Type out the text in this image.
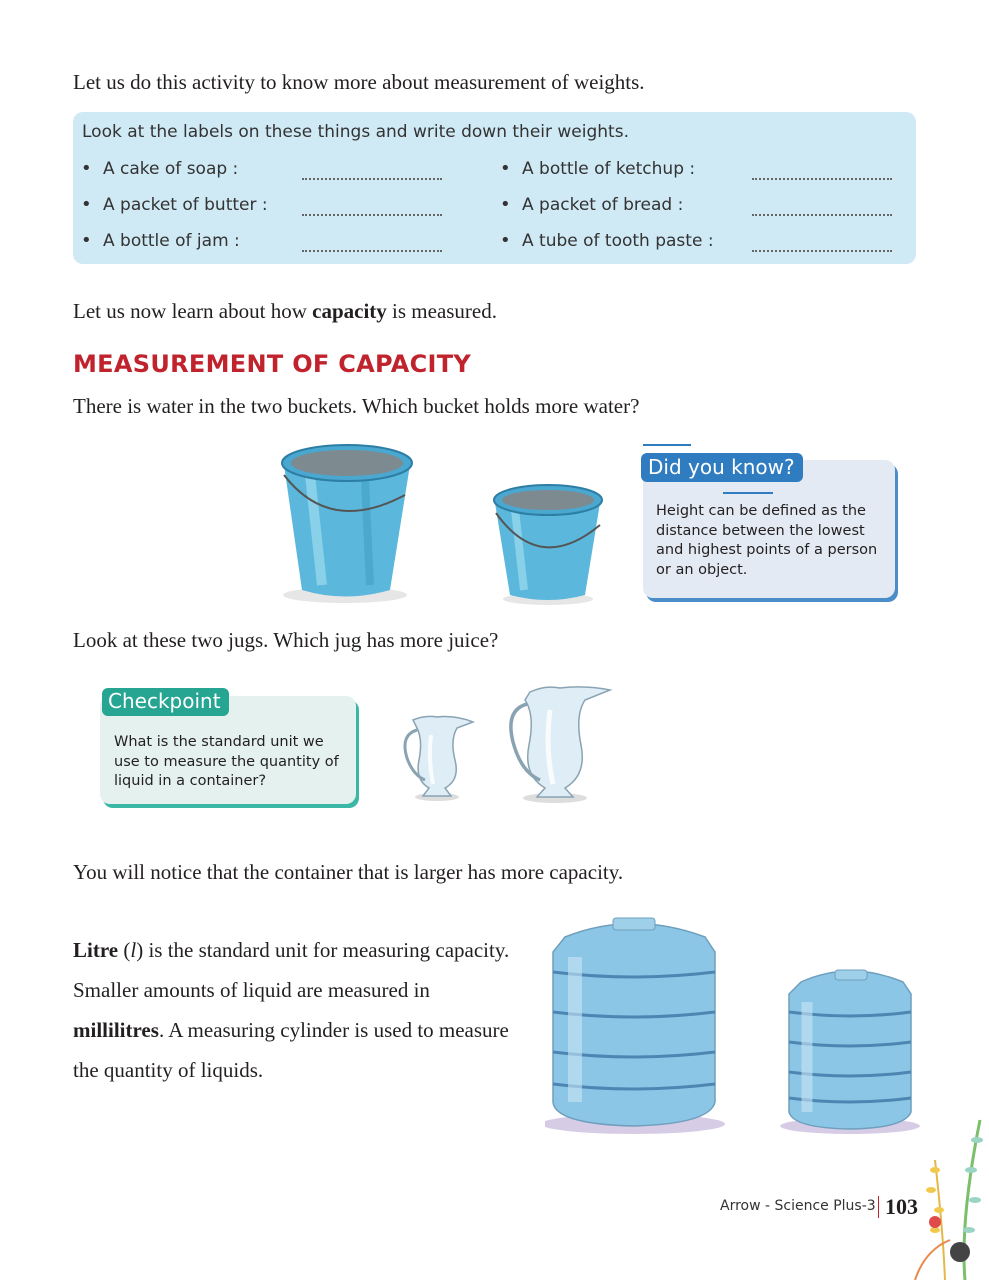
Let us do this activity to know more about measurement of weights.

Look at the labels on these things and write down their weights.
• A cake of soap :
• A packet of butter :
• A bottle of jam :
• A bottle of ketchup :
• A packet of bread :
• A tube of tooth paste :

Let us now learn about how capacity is measured.

MEASUREMENT OF CAPACITY

There is water in the two buckets. Which bucket holds more water?

Did you know?
Height can be defined as the distance between the lowest and highest points of a person or an object.

Look at these two jugs. Which jug has more juice?

Checkpoint
What is the standard unit we use to measure the quantity of liquid in a container?

You will notice that the container that is larger has more capacity.

Litre (l) is the standard unit for measuring capacity. Smaller amounts of liquid are measured in millilitres. A measuring cylinder is used to measure the quantity of liquids.

Arrow - Science Plus-3 103
